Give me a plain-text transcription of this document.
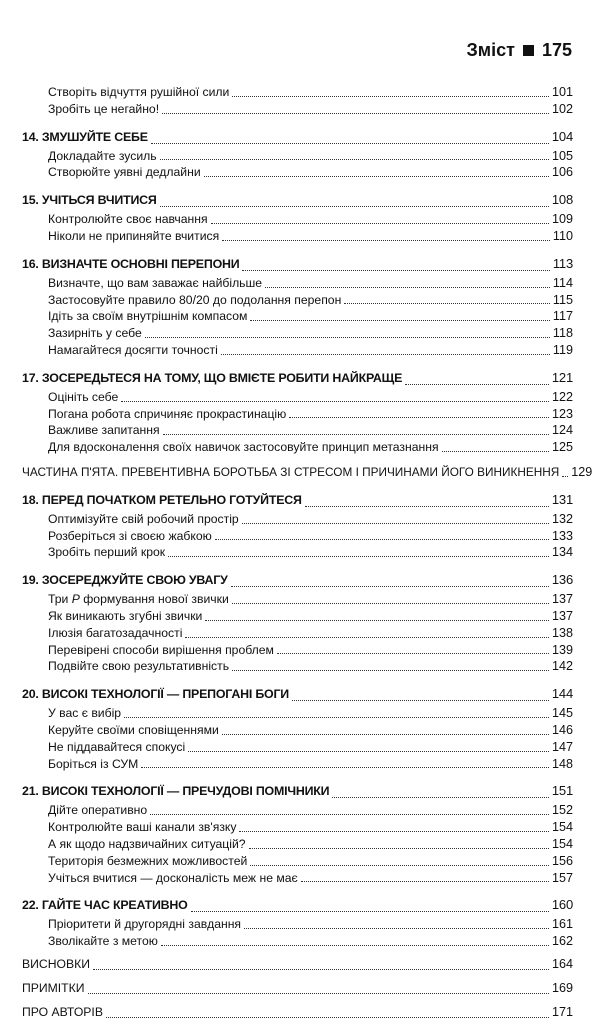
Зміст 175
Створіть відчуття рушійної сили	101
Зробіть це негайно!	102
14. ЗМУШУЙТЕ СЕБЕ	104
Докладайте зусиль	105
Створюйте уявні дедлайни	106
15. УЧІТЬСЯ ВЧИТИСЯ	108
Контролюйте своє навчання	109
Ніколи не припиняйте вчитися	110
16. ВИЗНАЧТЕ ОСНОВНІ ПЕРЕПОНИ	113
Визначте, що вам заважає найбільше	114
Застосовуйте правило 80/20 до подолання перепон	115
Ідіть за своїм внутрішнім компасом	117
Зазирніть у себе	118
Намагайтеся досягти точності	119
17. ЗОСЕРЕДЬТЕСЯ НА ТОМУ, ЩО ВМІЄТЕ РОБИТИ НАЙКРАЩЕ	121
Оцініть себе	122
Погана робота спричиняє прокрастинацію	123
Важливе запитання	124
Для вдосконалення своїх навичок застосовуйте принцип метазнання	125
ЧАСТИНА П'ЯТА. ПРЕВЕНТИВНА БОРОТЬБА ЗІ СТРЕСОМ І ПРИЧИНАМИ ЙОГО ВИНИКНЕННЯ 129
18. ПЕРЕД ПОЧАТКОМ РЕТЕЛЬНО ГОТУЙТЕСЯ	131
Оптимізуйте свій робочий простір	132
Розберіться зі своєю жабкою	133
Зробіть перший крок	134
19. ЗОСЕРЕДЖУЙТЕ СВОЮ УВАГУ	136
Три Р формування нової звички	137
Як виникають згубні звички	137
Ілюзія багатозадачності	138
Перевірені способи вирішення проблем	139
Подвійте свою результативність	142
20. ВИСОКІ ТЕХНОЛОГІЇ — ПРЕПОГАНІ БОГИ	144
У вас є вибір	145
Керуйте своїми сповіщеннями	146
Не піддавайтеся спокусі	147
Боріться із СУМ	148
21. ВИСОКІ ТЕХНОЛОГІЇ — ПРЕЧУДОВІ ПОМІЧНИКИ	151
Дійте оперативно	152
Контролюйте ваші канали зв'язку	154
А як щодо надзвичайних ситуацій?	154
Територія безмежних можливостей	156
Учіться вчитися — досконалість меж не має	157
22. ГАЙТЕ ЧАС КРЕАТИВНО	160
Пріоритети й другорядні завдання	161
Зволікайте з метою	162
ВИСНОВКИ	164
ПРИМІТКИ	169
ПРО АВТОРІВ	171
